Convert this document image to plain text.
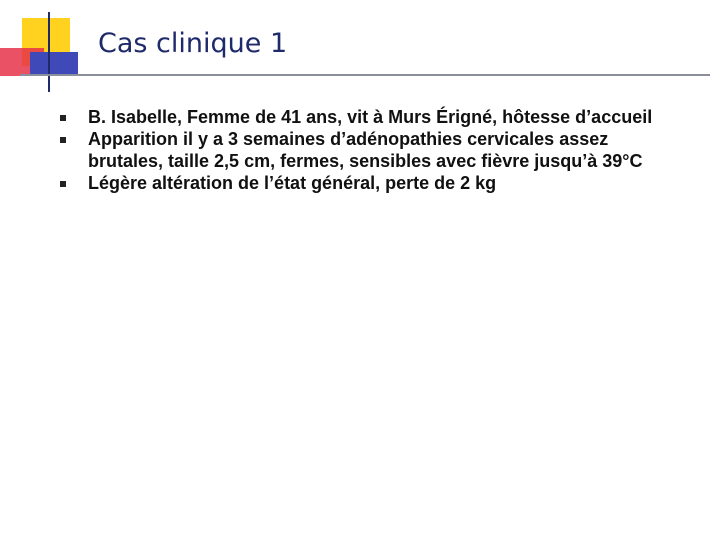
Cas clinique 1
B. Isabelle, Femme de 41 ans, vit à Murs Érigné, hôtesse d’accueil
Apparition il y a 3 semaines d’adénopathies cervicales assez brutales, taille 2,5 cm, fermes, sensibles avec fièvre jusqu’à 39°C
Légère altération de l’état général, perte de 2 kg
